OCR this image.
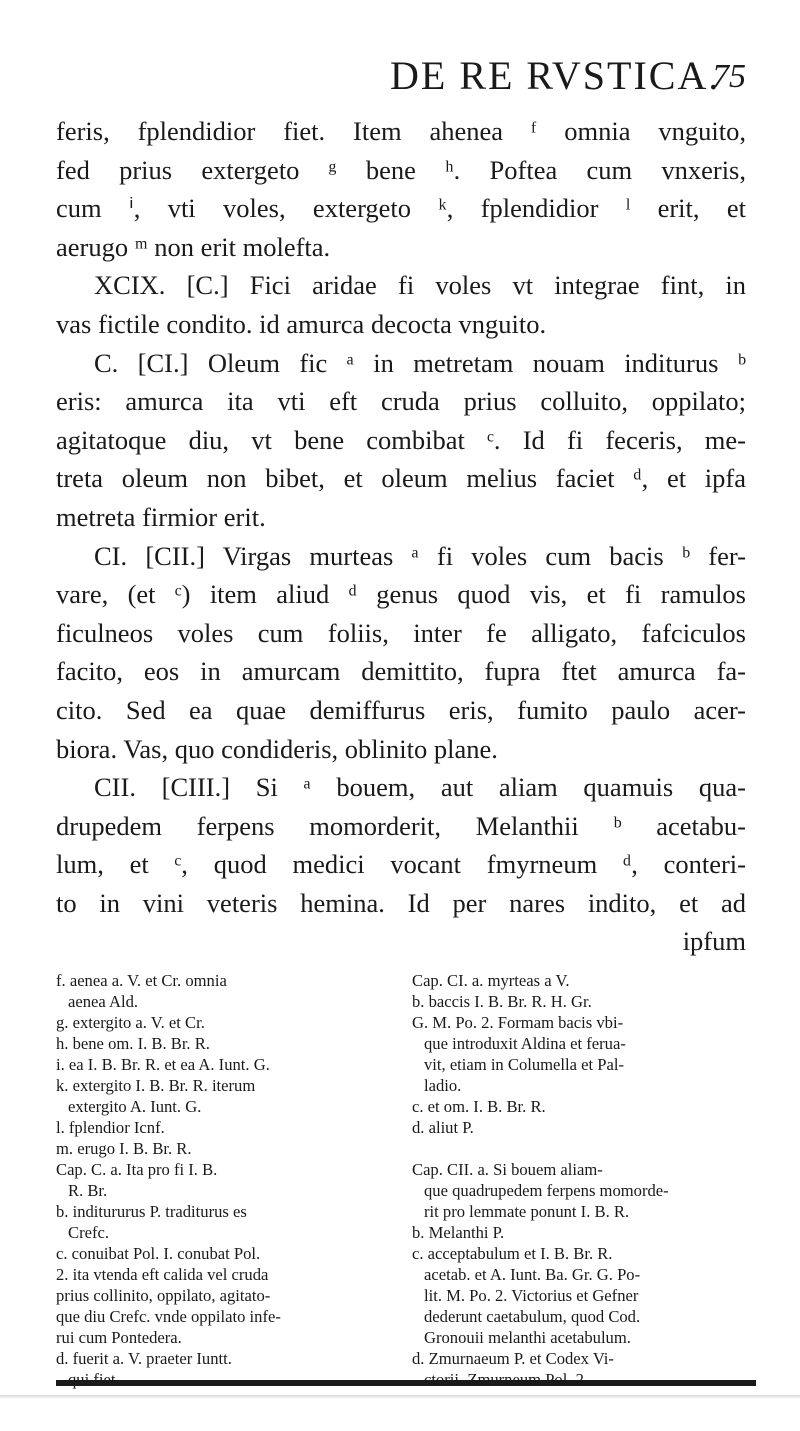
DE RE RVSTICA.
75
feris, fplendidior fiet. Item ahenea ᶠ omnia vnguito,
fed prius extergeto ᵍ bene ʰ. Poftea cum vnxeris,
cum ⁱ, vti voles, extergeto ᵏ, fplendidior ˡ erit, et
aerugo ᵐ non erit molefta.
XCIX. [C.] Fici aridae fi voles vt integrae fint, in
vas fictile condito. id amurca decocta vnguito.
C. [CI.] Oleum fic ᵃ in metretam nouam inditurus ᵇ
eris: amurca ita vti eft cruda prius colluito, oppilato;
agitatoque diu, vt bene combibat ᶜ. Id fi feceris, me-
treta oleum non bibet, et oleum melius faciet ᵈ, et ipfa
metreta firmior erit.
CI. [CII.] Virgas murteas ᵃ fi voles cum bacis ᵇ fer-
vare, (et ᶜ) item aliud ᵈ genus quod vis, et fi ramulos
ficulneos voles cum foliis, inter fe alligato, fafciculos
facito, eos in amurcam demittito, fupra ftet amurca fa-
cito. Sed ea quae demiffurus eris, fumito paulo acer-
biora. Vas, quo condideris, oblinito plane.
CII. [CIII.] Si ᵃ bouem, aut aliam quamuis qua-
drupedem ferpens momorderit, Melanthii ᵇ acetabu-
lum, et ᶜ, quod medici vocant fmyrneum ᵈ, conteri-
to in vini veteris hemina. Id per nares indito, et ad
ipfum
f. aenea a. V. et Cr. omnia
aenea Ald.
g. extergito a. V. et Cr.
h. bene om. I. B. Br. R.
i. ea I. B. Br. R. et ea A. Iunt. G.
k. extergito I. B. Br. R. iterum
extergito A. Iunt. G.
l. fplendior Icnf.
m. erugo I. B. Br. R.
Cap. C. a. Ita pro fi I. B.
R. Br.
b. inditururus P. traditurus es
Crefc.
c. conuibat Pol. I. conubat Pol.
2. ita vtenda eft calida vel cruda
prius collinito, oppilato, agitato-
que diu Crefc. vnde oppilato infe-
rui cum Pontedera.
d. fuerit a. V. praeter Iuntt.
Cap. CI. a. myrteas a V.
b. baccis I. B. Br. R. H. Gr.
G. M. Po. 2. Formam bacis vbi-
que introduxit Aldina et ferua-
vit, etiam in Columella et Pal-
ladio.
c. et om. I. B. Br. R.
d. aliut P.
Cap. CII. a. Si bouem aliam-
que quadrupedem ferpens momorde-
rit pro lemmate ponunt I. B. R.
b. Melanthi P.
c. acceptabulum et I. B. Br. R.
acetab. et A. Iunt. Ba. Gr. G. Po-
lit. M. Po. 2. Victorius et Gefner
dederunt caetabulum, quod Cod.
Gronouii melanthi acetabulum.
d. Zmurnaeum P. et Codex Vi-
